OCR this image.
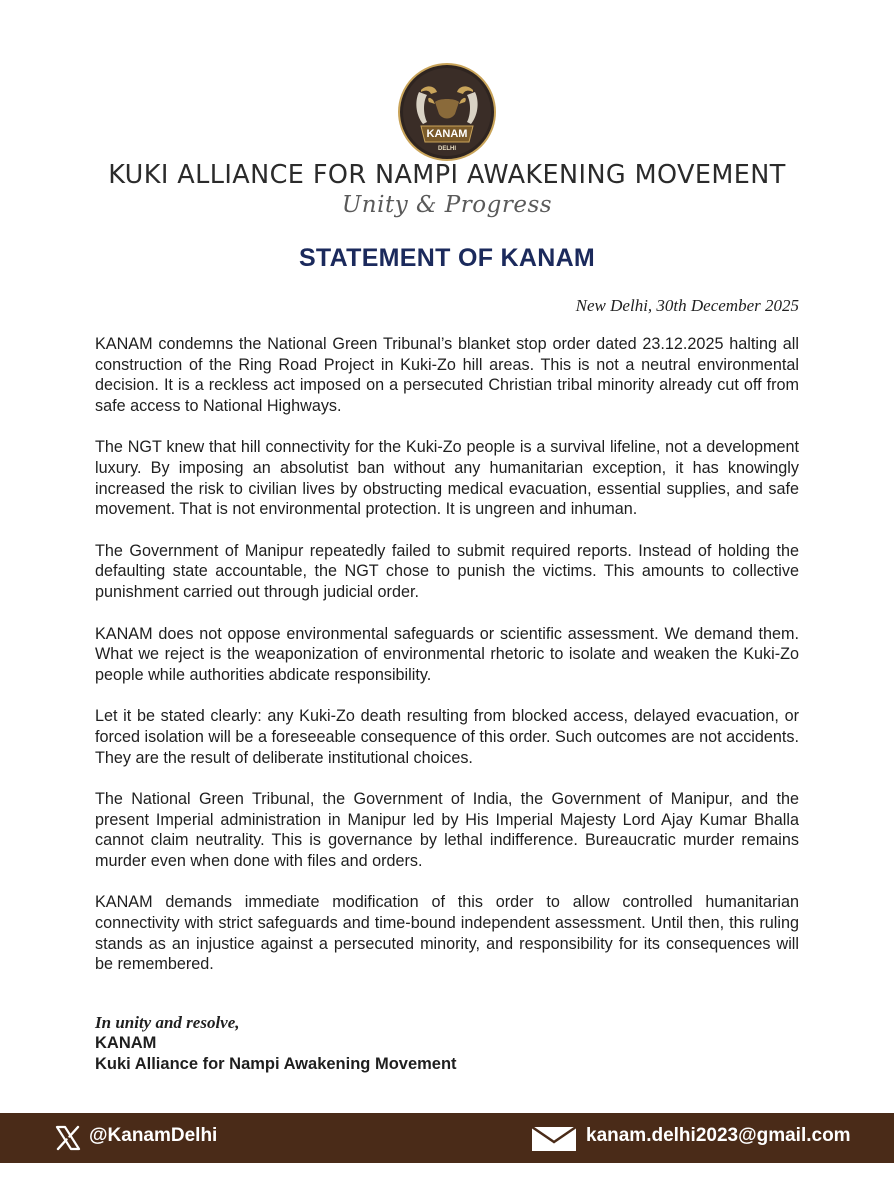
KANAM
DELHI
KUKI ALLIANCE FOR NAMPI AWAKENING MOVEMENT
Unity & Progress
STATEMENT OF KANAM
New Delhi, 30th December 2025

KANAM condemns the National Green Tribunal’s blanket stop order dated 23.12.2025 halting all construction of the Ring Road Project in Kuki-Zo hill areas. This is not a neutral environmental decision. It is a reckless act imposed on a persecuted Christian tribal minority already cut off from safe access to National Highways.

The NGT knew that hill connectivity for the Kuki-Zo people is a survival lifeline, not a development luxury. By imposing an absolutist ban without any humanitarian exception, it has knowingly increased the risk to civilian lives by obstructing medical evacuation, essential supplies, and safe movement. That is not environmental protection. It is ungreen and inhuman.

The Government of Manipur repeatedly failed to submit required reports. Instead of holding the defaulting state accountable, the NGT chose to punish the victims. This amounts to collective punishment carried out through judicial order.

KANAM does not oppose environmental safeguards or scientific assessment. We demand them. What we reject is the weaponization of environmental rhetoric to isolate and weaken the Kuki-Zo people while authorities abdicate responsibility.

Let it be stated clearly: any Kuki-Zo death resulting from blocked access, delayed evacuation, or forced isolation will be a foreseeable consequence of this order. Such outcomes are not accidents. They are the result of deliberate institutional choices.

The National Green Tribunal, the Government of India, the Government of Manipur, and the present Imperial administration in Manipur led by His Imperial Majesty Lord Ajay Kumar Bhalla cannot claim neutrality. This is governance by lethal indifference. Bureaucratic murder remains murder even when done with files and orders.

KANAM demands immediate modification of this order to allow controlled humanitarian connectivity with strict safeguards and time-bound independent assessment. Until then, this ruling stands as an injustice against a persecuted minority, and responsibility for its consequences will be remembered.

In unity and resolve,
KANAM
Kuki Alliance for Nampi Awakening Movement
@KanamDelhi	kanam.delhi2023@gmail.com
